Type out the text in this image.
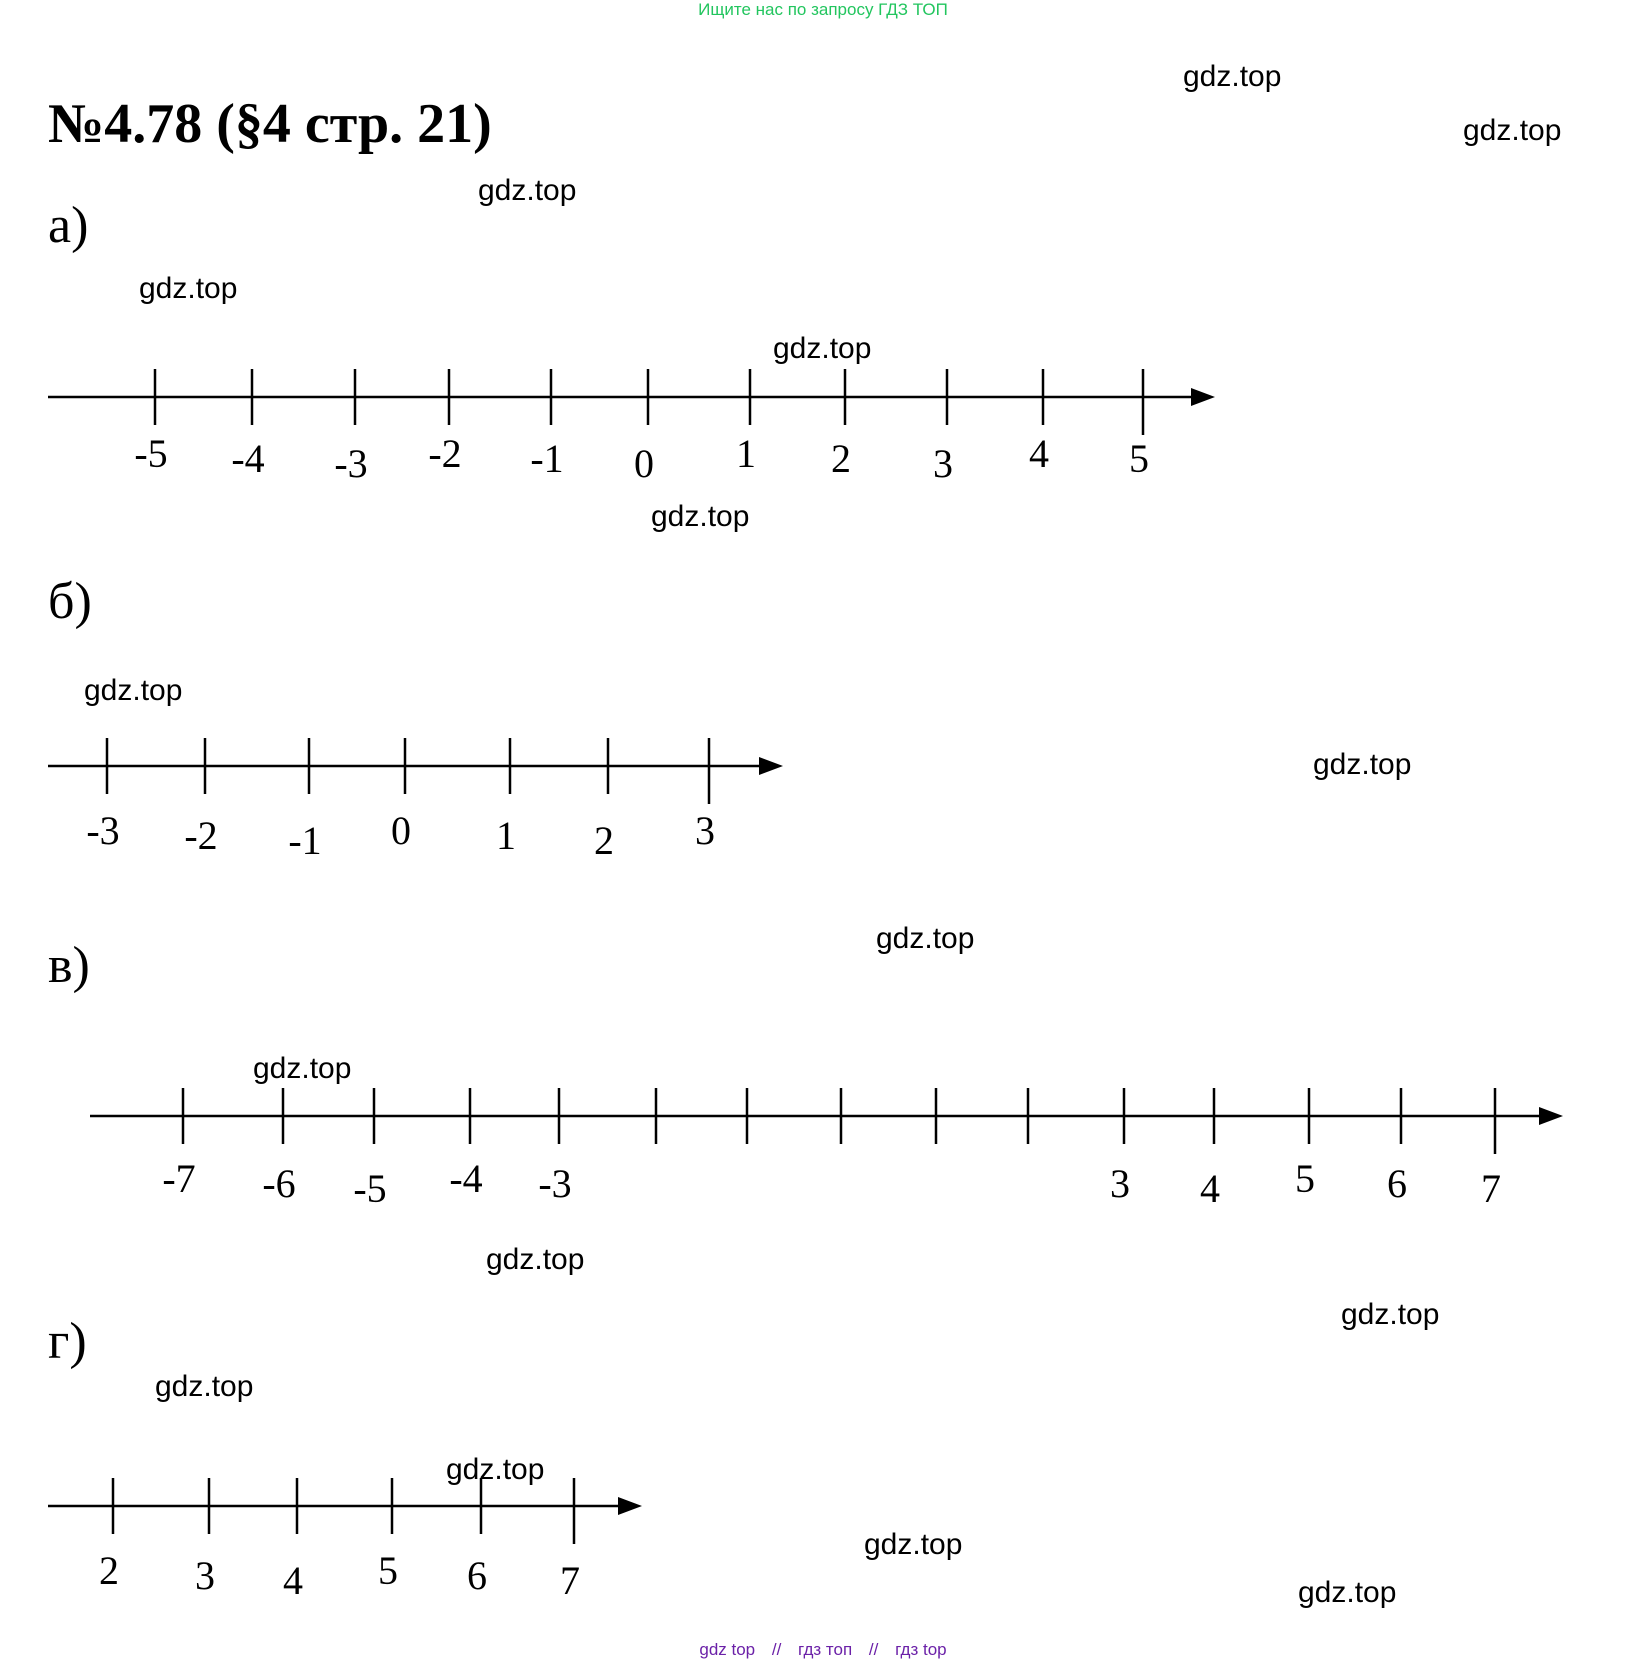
Ищите нас по запросу ГДЗ ТОП
№4.78 (§4 стр. 21)
а)
б)
в)
г)
-5 -4 -3 -2 -1 0 1 2 3 4 5
-3 -2 -1 0 1 2 3
-7 -6 -5 -4 -3	3 4 5 6 7
2 3 4 5 6 7
gdz.top
gdz.top
gdz.top
gdz.top
gdz.top
gdz.top
gdz.top
gdz.top
gdz.top
gdz.top
gdz.top
gdz.top
gdz.top
gdz.top
gdz.top
gdz.top
gdz top // гдз топ // гдз top
